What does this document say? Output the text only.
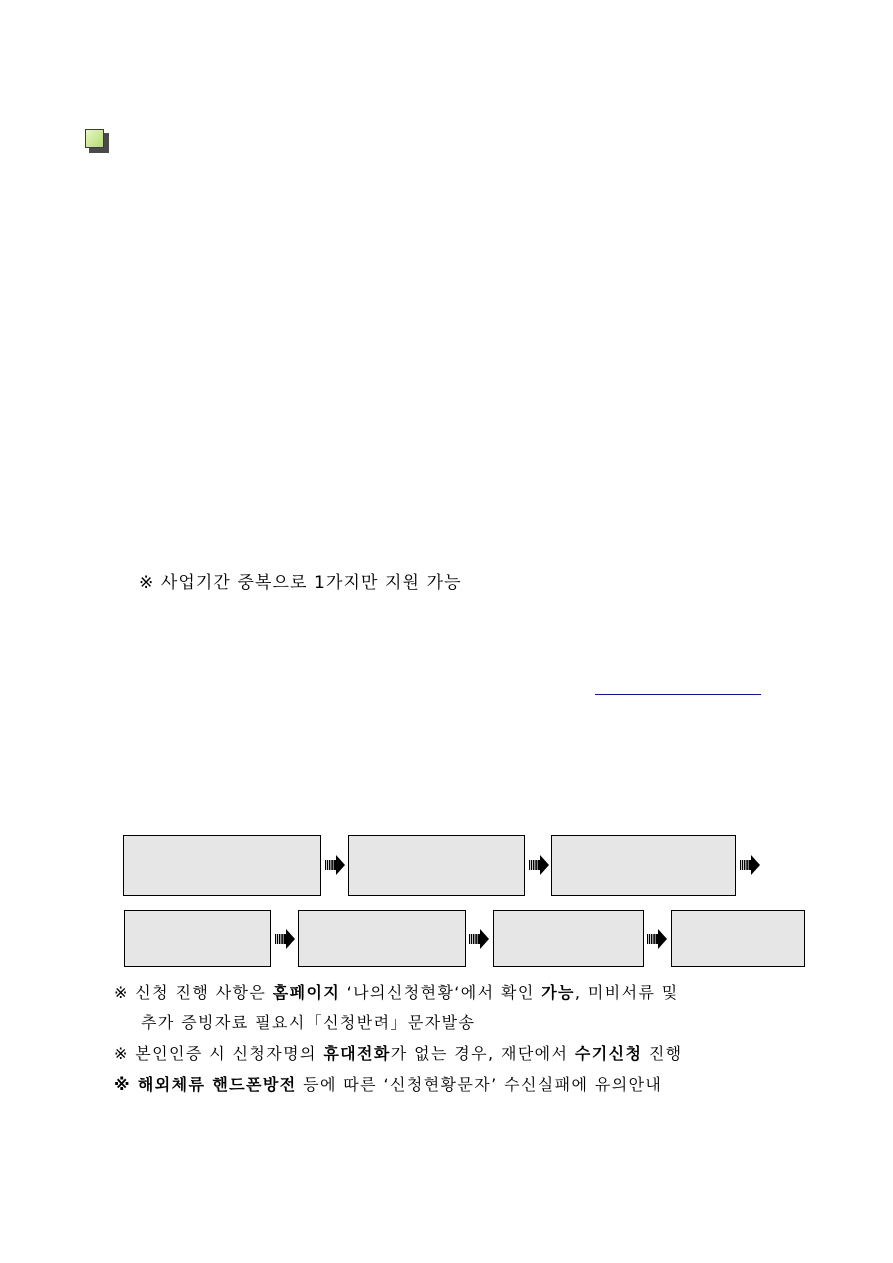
※ 사업기간 중복으로 1가지만 지원 가능
※ 신청 진행 사항은 홈페이지 ‘나의신청현황‘에서 확인 가능, 미비서류 및
추가 증빙자료 필요시「신청반려」문자발송
※ 본인인증 시 신청자명의 휴대전화가 없는 경우, 재단에서 수기신청 진행
※ 해외체류 핸드폰방전 등에 따른 ‘신청현황문자’ 수신실패에 유의안내
